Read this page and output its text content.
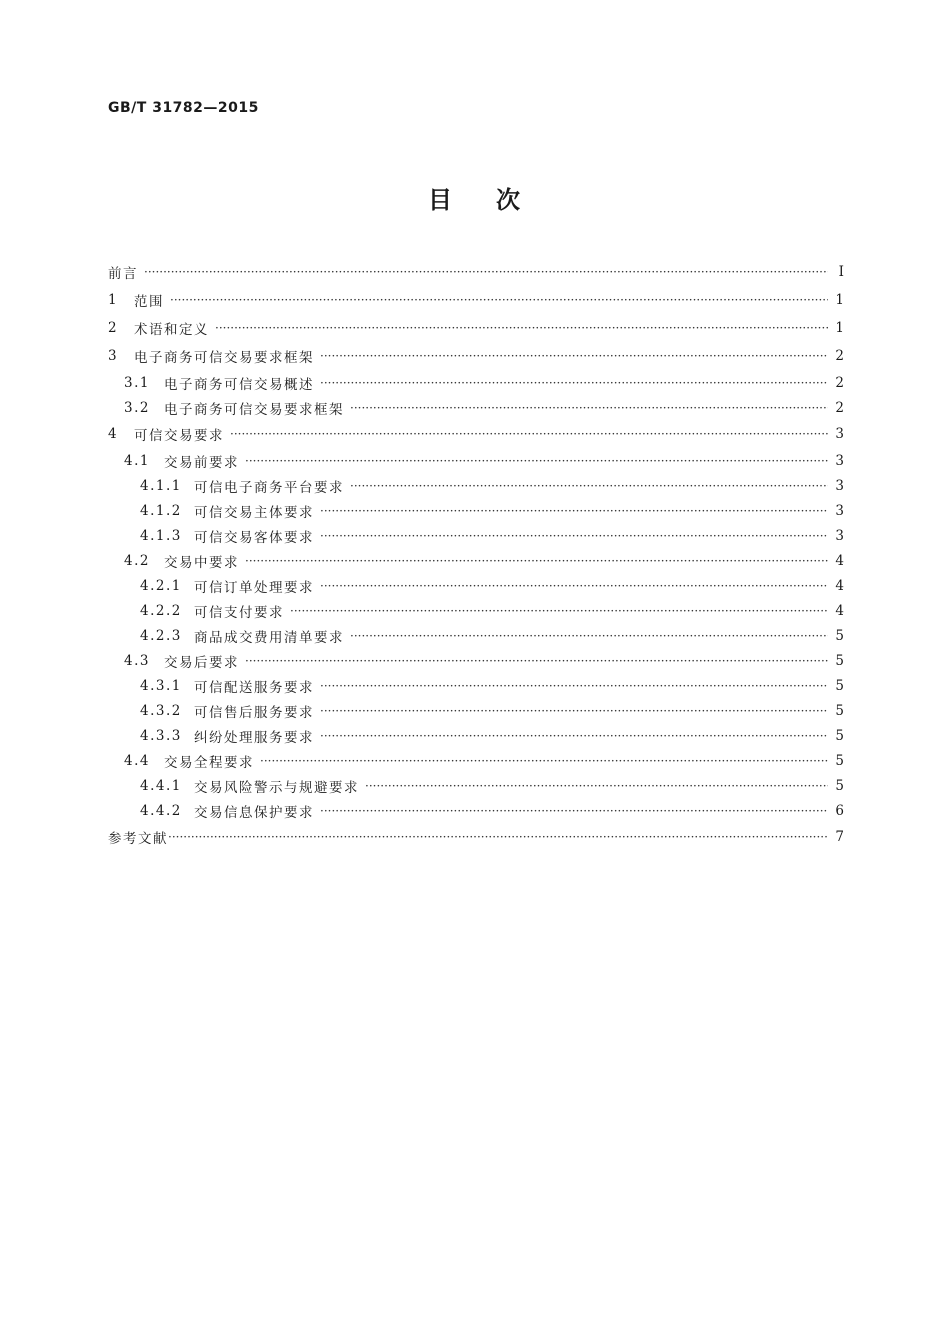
GB/T 31782—2015
目 次
前言 ·····	Ⅰ
1	范围 ·····	1
2	术语和定义 ·····	1
3	电子商务可信交易要求框架 ·····	2
3.1	电子商务可信交易概述 ·····	2
3.2	电子商务可信交易要求框架 ·····	2
4	可信交易要求 ·····	3
4.1	交易前要求 ·····	3
4.1.1 可信电子商务平台要求 ·····	3
4.1.2 可信交易主体要求 ·····	3
4.1.3 可信交易客体要求 ·····	3
4.2	交易中要求 ·····	4
4.2.1 可信订单处理要求 ·····	4
4.2.2 可信支付要求 ·····	4
4.2.3 商品成交费用清单要求 ·····	5
4.3	交易后要求 ·····	5
4.3.1 可信配送服务要求 ·····	5
4.3.2 可信售后服务要求 ·····	5
4.3.3 纠纷处理服务要求 ·····	5
4.4	交易全程要求 ·····	5
4.4.1 交易风险警示与规避要求 ·····	5
4.4.2 交易信息保护要求 ·····	6
参考文献 ·····	7
